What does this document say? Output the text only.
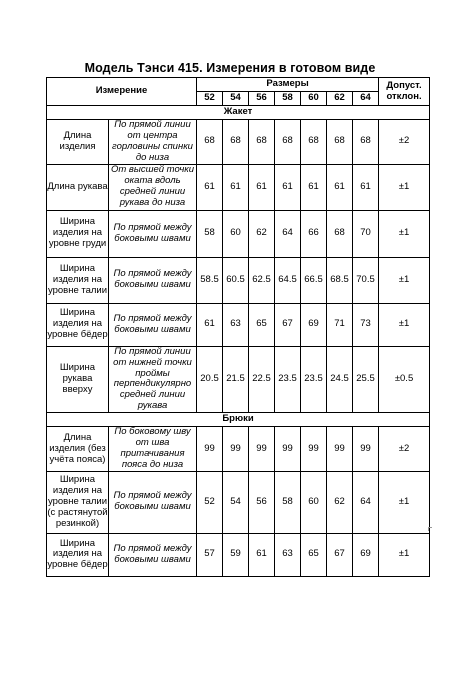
Модель Тэнси 415. Измерения в готовом виде
Измерение		Размеры							Допуст.
отклон.
		52	54	56	58	60	62	64	
Жакет									
Длина изделия	По прямой линии от центра горловины спинки до низа	68	68	68	68	68	68	68	±2
Длина рукава	От высшей точки оката вдоль средней линии рукава до низа	61	61	61	61	61	61	61	±1
Ширина изделия на уровне груди	По прямой между боковыми швами	58	60	62	64	66	68	70	±1
Ширина изделия на уровне талии	По прямой между боковыми швами	58.5	60.5	62.5	64.5	66.5	68.5	70.5	±1
Ширина изделия на уровне бёдер	По прямой между боковыми швами	61	63	65	67	69	71	73	±1
Ширина рукава вверху	По прямой линии от нижней точки проймы перпендикулярно средней линии рукава	20.5	21.5	22.5	23.5	23.5	24.5	25.5	±0.5
Брюки									
Длина изделия (без учёта пояса)	По боковому шву от шва притачивания пояса до низа	99	99	99	99	99	99	99	±2
Ширина изделия на уровне талии (с растянутой резинкой)	По прямой между боковыми швами	52	54	56	58	60	62	64	±1
Ширина изделия на уровне бёдер	По прямой между боковыми швами	57	59	61	63	65	67	69	±1
